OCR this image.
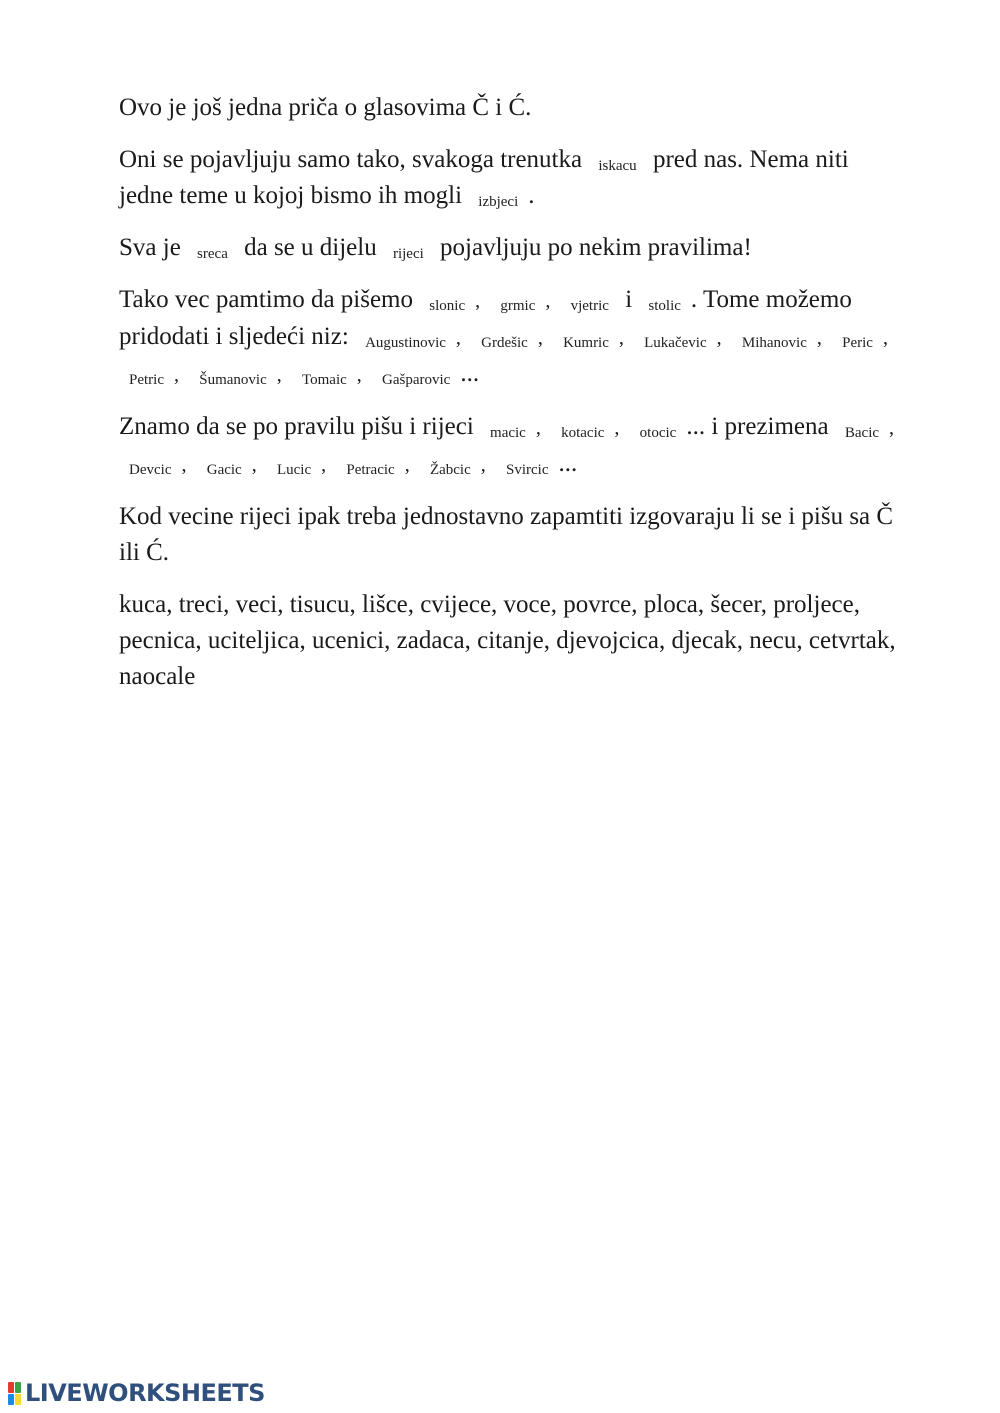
Ovo je još jedna priča o glasovima Č i Ć.

Oni se pojavljuju samo tako, svakoga trenutka iskacu pred nas. Nema niti jedne teme u kojoj bismo ih mogli izbjeci .

Sva je sreca da se u dijelu rijeci pojavljuju po nekim pravilima!

Tako vec pamtimo da pišemo slonic , grmic , vjetric i stolic . Tome možemo pridodati i sljedeći niz: Augustinovic , Grdešic , Kumric , Lukačevic , Mihanovic , Peric , Petric , Šumanovic , Tomaic , Gašparovic ...

Znamo da se po pravilu pišu i rijeci macic , kotacic , otocic ... i prezimena Bacic , Devcic , Gacic , Lucic , Petracic , Žabcic , Svircic ...

Kod vecine rijeci ipak treba jednostavno zapamtiti izgovaraju li se i pišu sa Č ili Ć.

kuca, treci, veci, tisucu, lišce, cvijece, voce, povrce, ploca, šecer, proljece, pecnica, uciteljica, ucenici, zadaca, citanje, djevojcica, djecak, necu, cetvrtak, naocale

LIVEWORKSHEETS
